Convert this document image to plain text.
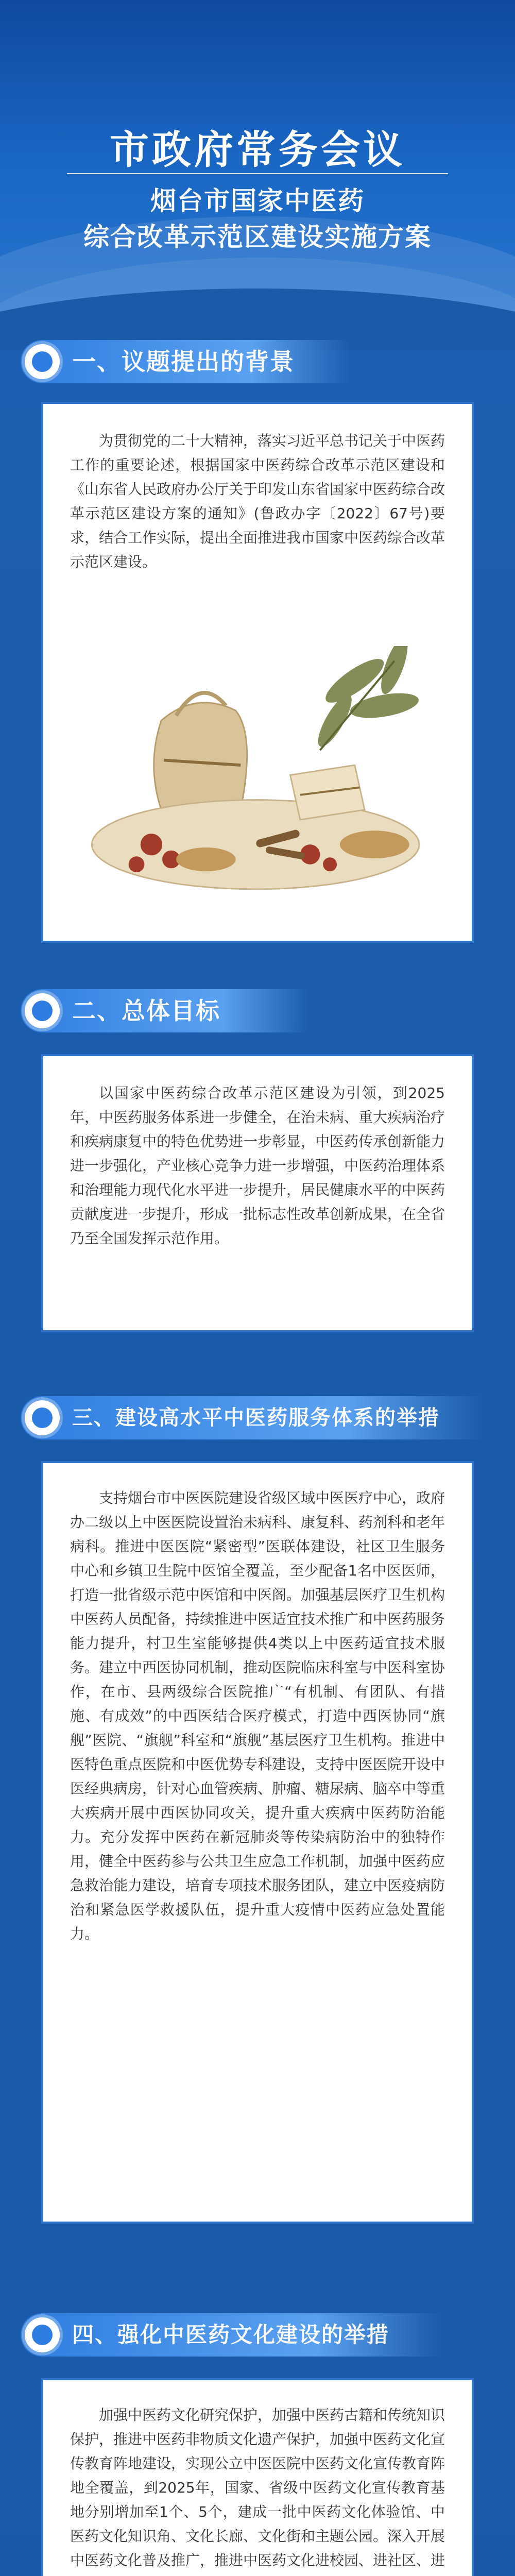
市政府常务会议
烟台市国家中医药
综合改革示范区建设实施方案
一、议题提出的背景

为贯彻党的二十大精神，落实习近平总书记关于中医药工作的重要论述，根据国家中医药综合改革示范区建设和《山东省人民政府办公厅关于印发山东省国家中医药综合改革示范区建设方案的通知》(鲁政办字〔2022〕67号)要求，结合工作实际，提出全面推进我市国家中医药综合改革示范区建设。

二、总体目标

以国家中医药综合改革示范区建设为引领，到2025年，中医药服务体系进一步健全，在治未病、重大疾病治疗和疾病康复中的特色优势进一步彰显，中医药传承创新能力进一步强化，产业核心竞争力进一步增强，中医药治理体系和治理能力现代化水平进一步提升，居民健康水平的中医药贡献度进一步提升，形成一批标志性改革创新成果，在全省乃至全国发挥示范作用。

三、建设高水平中医药服务体系的举措

支持烟台市中医医院建设省级区域中医医疗中心，政府办二级以上中医医院设置治未病科、康复科、药剂科和老年病科。推进中医医院“紧密型”医联体建设，社区卫生服务中心和乡镇卫生院中医馆全覆盖，至少配备1名中医医师，打造一批省级示范中医馆和中医阁。加强基层医疗卫生机构中医药人员配备，持续推进中医适宜技术推广和中医药服务能力提升，村卫生室能够提供4类以上中医药适宜技术服务。建立中西医协同机制，推动医院临床科室与中医科室协作，在市、县两级综合医院推广“有机制、有团队、有措施、有成效”的中西医结合医疗模式，打造中西医协同“旗舰”医院、“旗舰”科室和“旗舰”基层医疗卫生机构。推进中医特色重点医院和中医优势专科建设，支持中医医院开设中医经典病房，针对心血管疾病、肿瘤、糖尿病、脑卒中等重大疾病开展中西医协同攻关，提升重大疾病中医药防治能力。充分发挥中医药在新冠肺炎等传染病防治中的独特作用，健全中医药参与公共卫生应急工作机制，加强中医药应急救治能力建设，培育专项技术服务团队，建立中医疫病防治和紧急医学救援队伍，提升重大疫情中医药应急处置能力。

四、强化中医药文化建设的举措

加强中医药文化研究保护，加强中医药古籍和传统知识保护，推进中医药非物质文化遗产保护，加强中医药文化宣传教育阵地建设，实现公立中医医院中医药文化宣传教育阵地全覆盖，到2025年，国家、省级中医药文化宣传教育基地分别增加至1个、5个，建成一批中医药文化体验馆、中医药文化知识角、文化长廊、文化街和主题公园。深入开展中医药文化普及推广，推进中医药文化进校园、进社区、进
